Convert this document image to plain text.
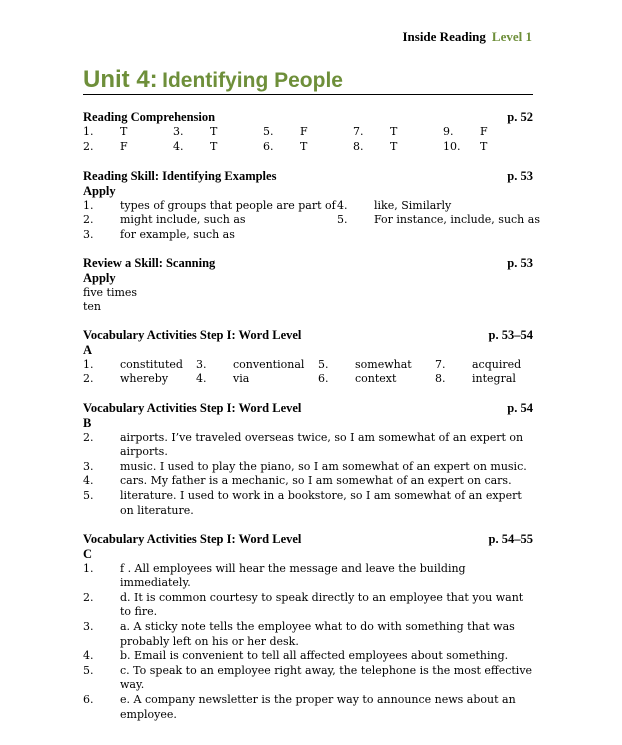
Inside Reading Level 1
Unit 4: Identifying People
Reading Comprehension	p. 52
1. T
2. F
3. T
4. T
5. F
6. T
7. T
8. T
9. F
10. T
Reading Skill: Identifying Examples	p. 53
Apply
1. types of groups that people are part of
2. might include, such as
3. for example, such as
4. like, Similarly
5. For instance, include, such as
Review a Skill: Scanning	p. 53
Apply
five times
ten
Vocabulary Activities Step I: Word Level	p. 53–54
A
1. constituted
2. whereby
3. conventional
4. via
5. somewhat
6. context
7. acquired
8. integral
Vocabulary Activities Step I: Word Level	p. 54
B
2.	airports. I’ve traveled overseas twice, so I am somewhat of an expert on airports.
3.	music. I used to play the piano, so I am somewhat of an expert on music.
4.	cars. My father is a mechanic, so I am somewhat of an expert on cars.
5.	literature. I used to work in a bookstore, so I am somewhat of an expert on literature.
Vocabulary Activities Step I: Word Level	p. 54–55
C
1.	f . All employees will hear the message and leave the building immediately.
2.	d. It is common courtesy to speak directly to an employee that you want to fire.
3.	a. A sticky note tells the employee what to do with something that was probably left on his or her desk.
4.	b. Email is convenient to tell all affected employees about something.
5.	c. To speak to an employee right away, the telephone is the most effective way.
6.	e. A company newsletter is the proper way to announce news about an employee.
